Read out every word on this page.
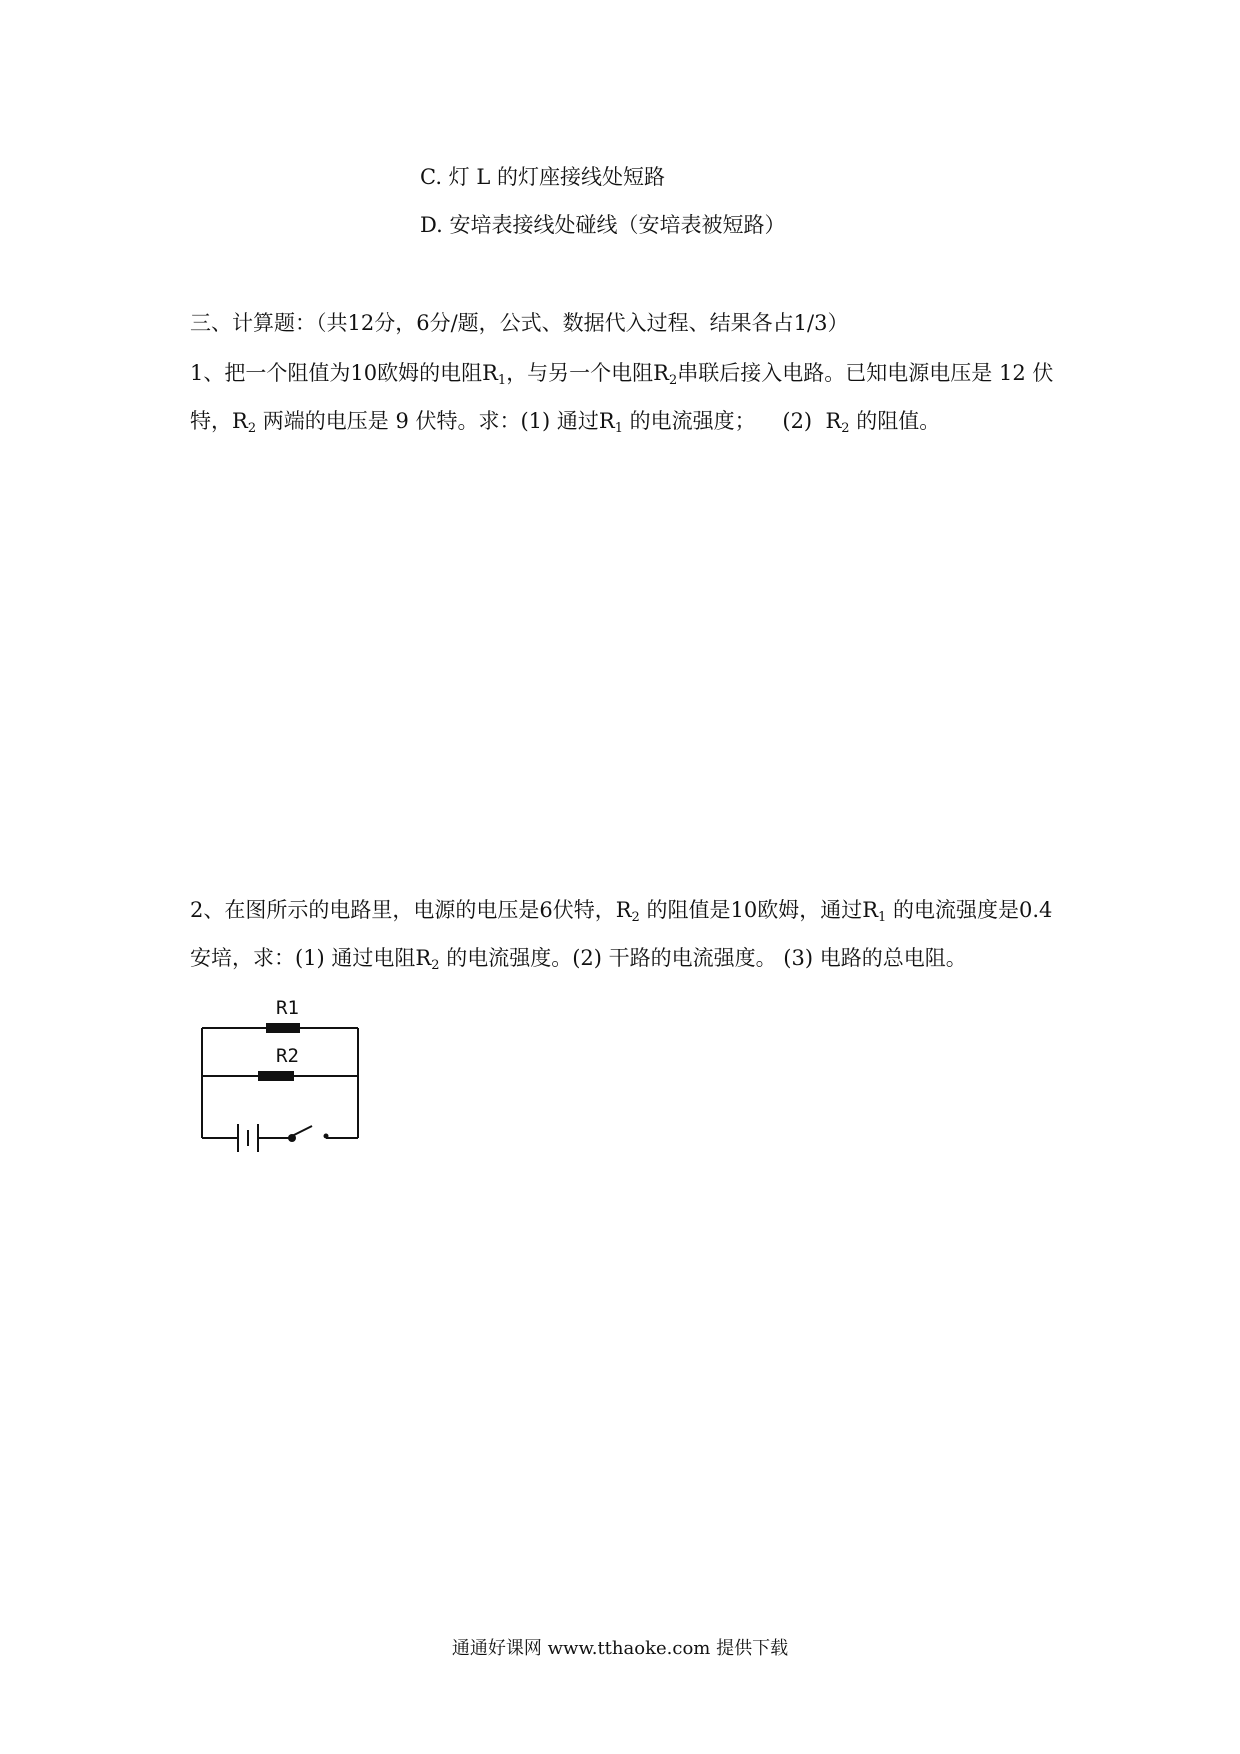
C. 灯 L 的灯座接线处短路
D. 安培表接线处碰线（安培表被短路）
三、计算题：（共12分，6分/题，公式、数据代入过程、结果各占1/3）
1、把一个阻值为10欧姆的电阻$R_1$，与另一个电阻$R_2$串联后接入电路。已知电源电压是 12 伏
特，$R_2$ 两端的电压是 9 伏特。求：(1) 通过$R_1$ 的电流强度；    (2)  $R_2$ 的阻值。
2、在图所示的电路里，电源的电压是6伏特，$R_2$ 的阻值是10欧姆，通过$R_1$ 的电流强度是0.4
安培，求：(1) 通过电阻$R_2$ 的电流强度。(2) 干路的电流强度。 (3) 电路的总电阻。
R1
R2
通通好课网 www.tthaoke.com 提供下载
